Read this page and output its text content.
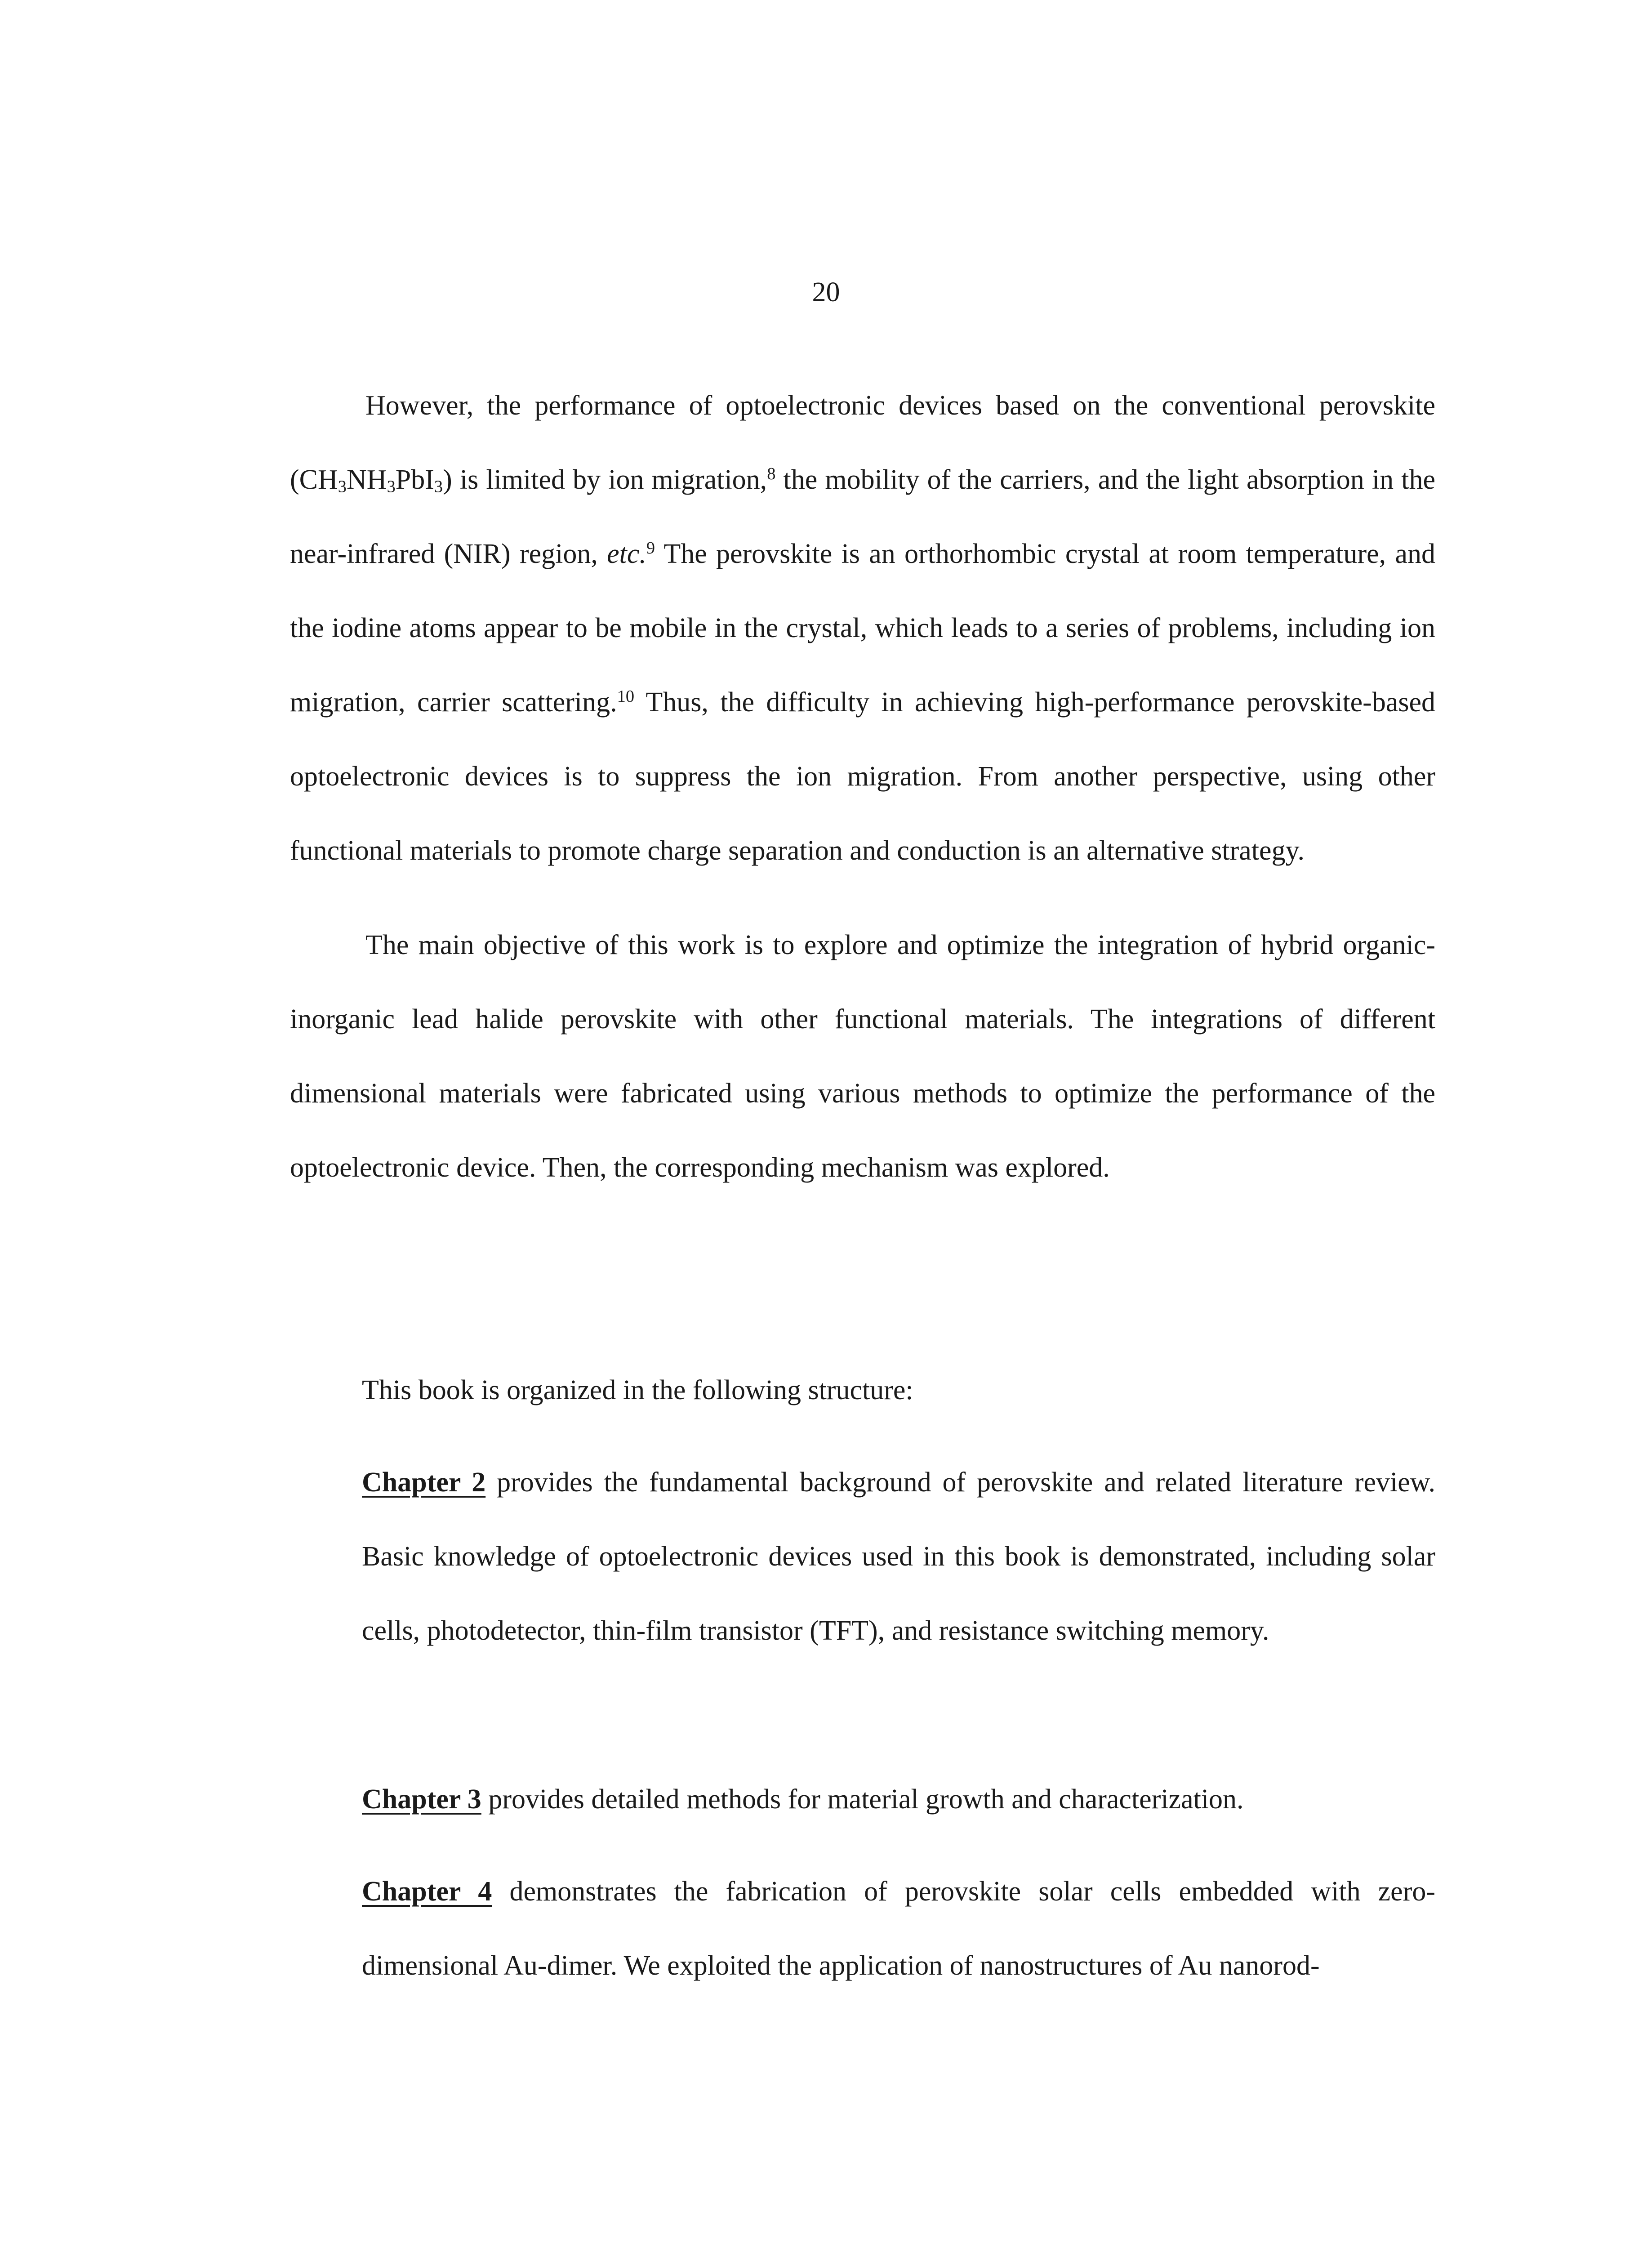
20

However, the performance of optoelectronic devices based on the conventional perovskite $(CH_3NH_3PbI_3)$ is limited by ion migration,$^8$ the mobility of the carriers, and the light absorption in the near-infrared (NIR) region, etc.$^9$ The perovskite is an orthorhombic crystal at room temperature, and the iodine atoms appear to be mobile in the crystal, which leads to a series of problems, including ion migration, carrier scattering.$^{10}$ Thus, the difficulty in achieving high-performance perovskite-based optoelectronic devices is to suppress the ion migration. From another perspective, using other functional materials to promote charge separation and conduction is an alternative strategy.

The main objective of this work is to explore and optimize the integration of hybrid organic-inorganic lead halide perovskite with other functional materials. The integrations of different dimensional materials were fabricated using various methods to optimize the performance of the optoelectronic device. Then, the corresponding mechanism was explored.

This book is organized in the following structure:

Chapter 2 provides the fundamental background of perovskite and related literature review. Basic knowledge of optoelectronic devices used in this book is demonstrated, including solar cells, photodetector, thin-film transistor (TFT), and resistance switching memory.

Chapter 3 provides detailed methods for material growth and characterization.

Chapter 4 demonstrates the fabrication of perovskite solar cells embedded with zero-dimensional Au-dimer. We exploited the application of nanostructures of Au nanorod-
